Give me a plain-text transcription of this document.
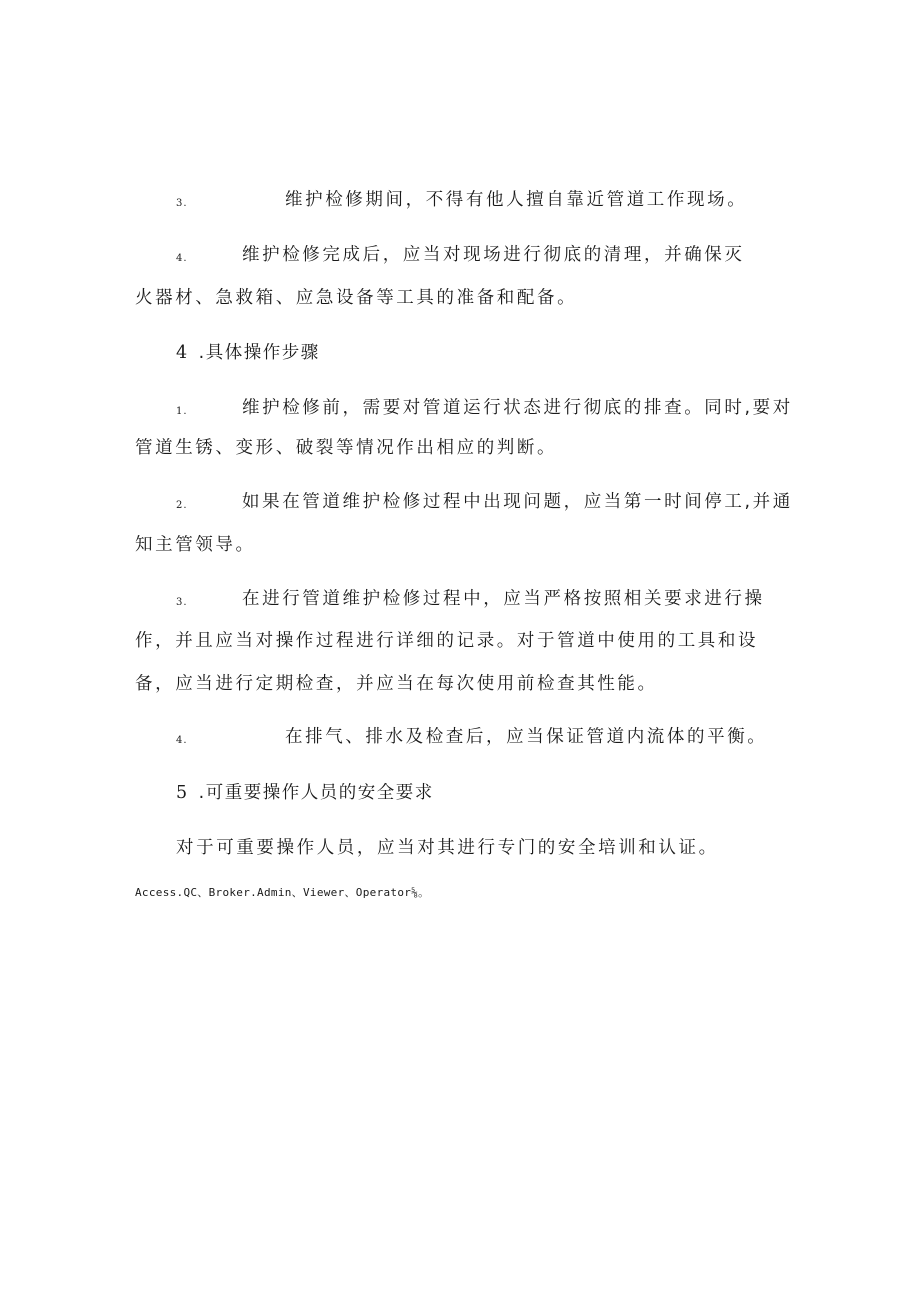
3.	维护检修期间，不得有他人擅自靠近管道工作现场。
4.	维护检修完成后，应当对现场进行彻底的清理，并确保灭
火器材、急救箱、应急设备等工具的准备和配备。
4 .具体操作步骤
1.	维护检修前，需要对管道运行状态进行彻底的排查。同时,要对
管道生锈、变形、破裂等情况作出相应的判断。
2.	如果在管道维护检修过程中出现问题，应当第一时间停工,并通
知主管领导。
3.	在进行管道维护检修过程中，应当严格按照相关要求进行操
作，并且应当对操作过程进行详细的记录。对于管道中使用的工具和设
备，应当进行定期检查，并应当在每次使用前检查其性能。
4.	在排气、排水及检查后，应当保证管道内流体的平衡。
5 .可重要操作人员的安全要求
对于可重要操作人员，应当对其进行专门的安全培训和认证。
Access.QC、Broker.Admin、Viewer、Operator⅝。
